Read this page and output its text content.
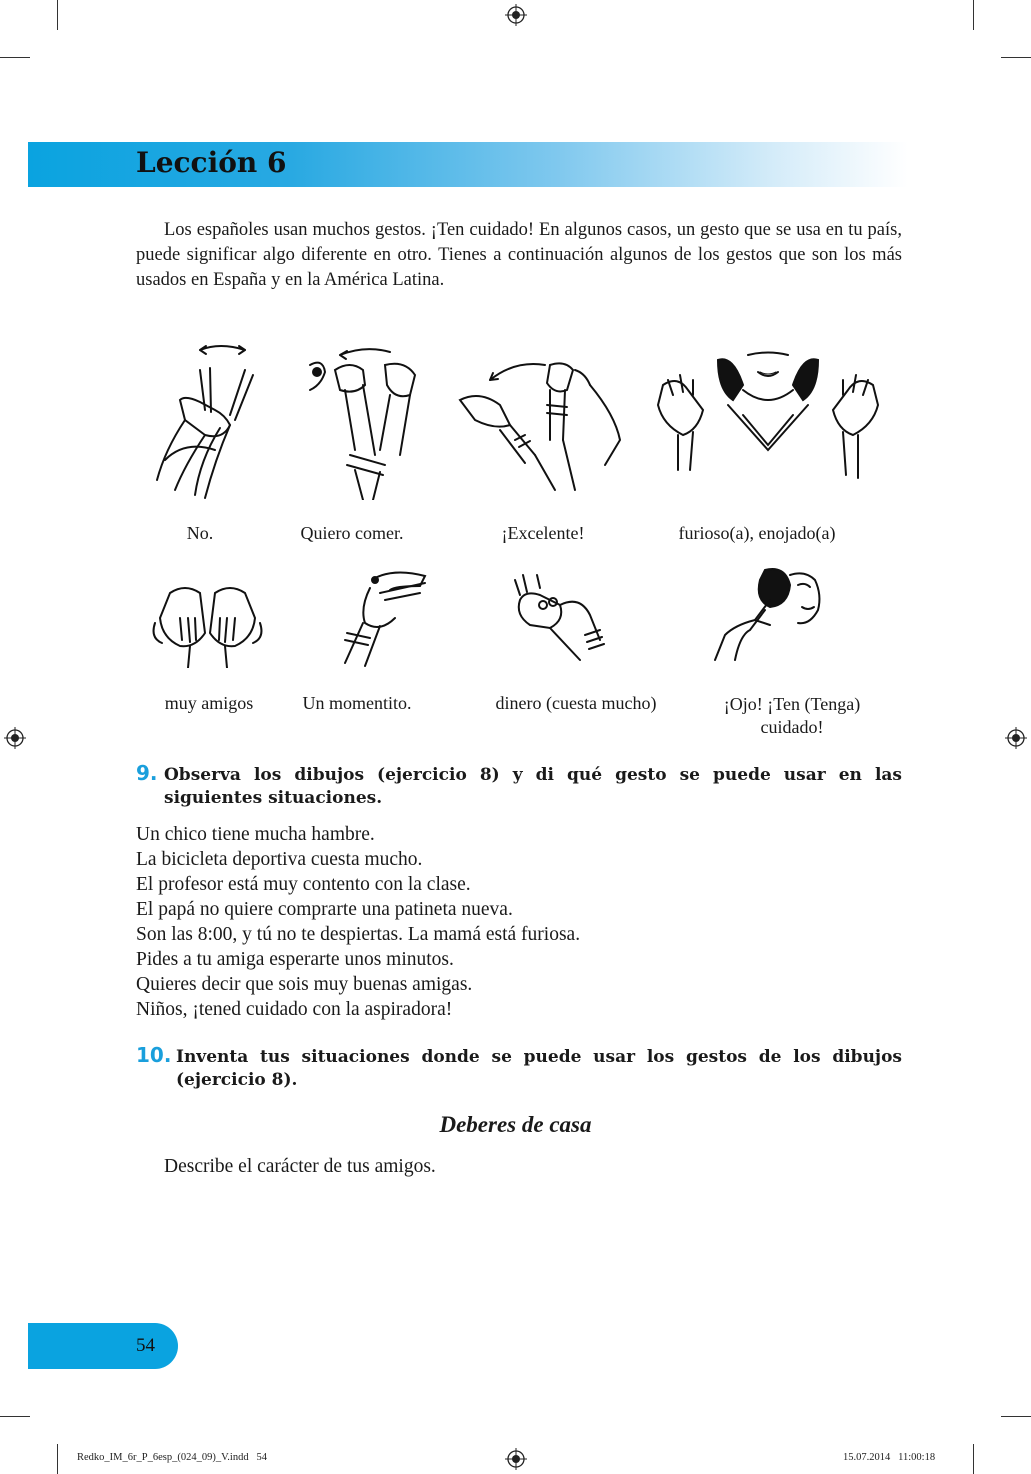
Lección 6
Los españoles usan muchos gestos. ¡Ten cuidado! En algunos casos, un gesto que se usa en tu país, puede significar algo diferente en otro. Tienes a continuación algunos de los gestos que son los más usados en España y en la América Latina.
No.	Quiero comer.	¡Excelente!	furioso(a), enojado(a)
muy amigos	Un momentito.	dinero (cuesta mucho)	¡Ojo! ¡Ten (Tenga) cuidado!
9. Observa los dibujos (ejercicio 8) y di qué gesto se puede usar en las siguientes situaciones.
Un chico tiene mucha hambre.
La bicicleta deportiva cuesta mucho.
El profesor está muy contento con la clase.
El papá no quiere comprarte una patineta nueva.
Son las 8:00, y tú no te despiertas. La mamá está furiosa.
Pides a tu amiga esperarte unos minutos.
Quieres decir que sois muy buenas amigas.
Niños, ¡tened cuidado con la aspiradora!
10. Inventa tus situaciones donde se puede usar los gestos de los dibujos (ejercicio 8).
Deberes de casa
Describe el carácter de tus amigos.
54
Redko_IM_6r_P_6esp_(024_09)_V.indd   54	15.07.2014   11:00:18
